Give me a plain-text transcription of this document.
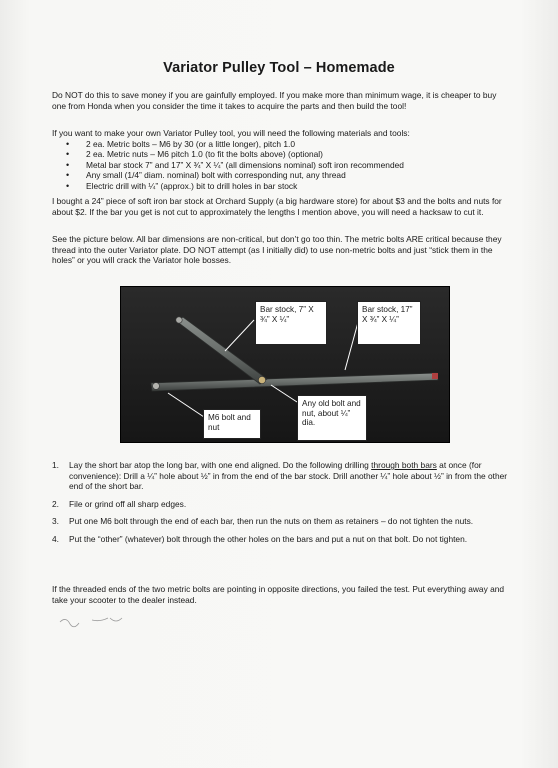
Variator Pulley Tool – Homemade
Do NOT do this to save money if you are gainfully employed. If you make more than minimum wage, it is cheaper to buy one from Honda when you consider the time it takes to acquire the parts and then build the tool!
If you want to make your own Variator Pulley tool, you will need the following materials and tools:
• 2 ea. Metric bolts – M6 by 30 (or a little longer), pitch 1.0
• 2 ea. Metric nuts – M6 pitch 1.0 (to fit the bolts above) (optional)
• Metal bar stock 7” and 17” X ¾” X ¼” (all dimensions nominal) soft iron recommended
• Any small (1/4” diam. nominal) bolt with corresponding nut, any thread
• Electric drill with ¼” (approx.) bit to drill holes in bar stock
I bought a 24” piece of soft iron bar stock at Orchard Supply (a big hardware store) for about $3 and the bolts and nuts for about $2. If the bar you get is not cut to approximately the lengths I mention above, you will need a hacksaw to cut it.
See the picture below. All bar dimensions are non-critical, but don’t go too thin. The metric bolts ARE critical because they thread into the outer Variator plate. DO NOT attempt (as I initially did) to use non-metric bolts and just “stick them in the holes” or you will crack the Variator hole bosses.
Bar stock, 7” X ¾” X ¼”
Bar stock, 17” X ¾” X ¼”
M6 bolt and nut
Any old bolt and nut, about ¼” dia.
1. Lay the short bar atop the long bar, with one end aligned. Do the following drilling through both bars at once (for convenience): Drill a ¼” hole about ½” in from the end of the bar stock. Drill another ¼” hole about ½” in from the other end of the short bar.
2. File or grind off all sharp edges.
3. Put one M6 bolt through the end of each bar, then run the nuts on them as retainers – do not tighten the nuts.
4. Put the “other” (whatever) bolt through the other holes on the bars and put a nut on that bolt. Do not tighten.
If the threaded ends of the two metric bolts are pointing in opposite directions, you failed the test. Put everything away and take your scooter to the dealer instead.
